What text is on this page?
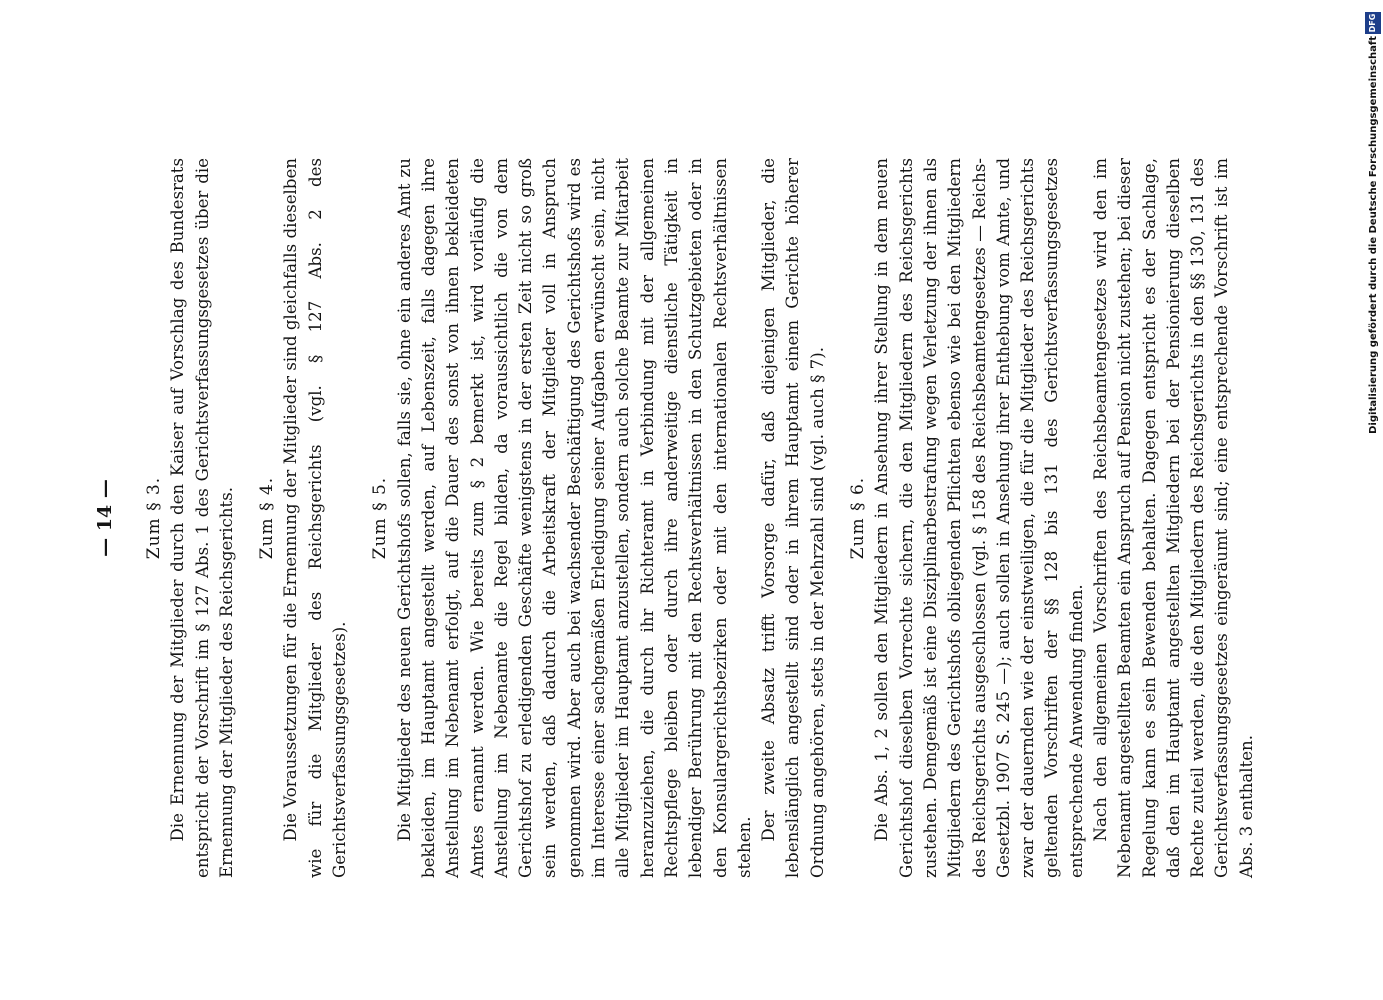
— 14 — Zum § 3. Die Ernennung der Mitglieder durch den Kaiser auf Vorschlag des Bundesrats entspricht der Vorschrift im § 127 Abs. 1 des Gerichtsverfassungsgesetzes über die Ernennung der Mitglieder des Reichsgerichts. Zum § 4. Die Voraussetzungen für die Ernennung der Mitglieder sind gleichfalls dieselben wie für die Mitglieder des Reichsgerichts (vgl. § 127 Abs. 2 des Gerichtsverfassungsgesetzes).

Zum § 5. Die Mitglieder des neuen Gerichtshofs sollen, falls sie, ohne ein anderes Amt zu bekleiden, im Hauptamt angestellt werden, auf Lebenszeit, falls dagegen ihre Anstellung im Nebenamt erfolgt, auf die Dauer des sonst von ihnen bekleideten Amtes ernannt werden. Wie bereits zum § 2 bemerkt ist, wird vorläufig die Anstellung im Nebenamte die Regel bilden, da voraussichtlich die von dem Gerichtshof zu erledigenden Geschäfte wenigstens in der ersten Zeit nicht so groß sein werden, daß dadurch die Arbeitskraft der Mitglieder voll in Anspruch genommen wird. Aber auch bei wachsender Beschäftigung des Gerichtshofs wird es im Interesse einer sachgemäßen Erledigung seiner Aufgaben erwünscht sein, nicht alle Mitglieder im Hauptamt anzustellen, sondern auch solche Beamte zur Mitarbeit heranzuziehen, die durch ihr Richteramt in Verbindung mit der allgemeinen Rechtspflege bleiben oder durch ihre anderweitige dienstliche Tätigkeit in lebendiger Berührung mit den Rechtsverhältnissen in den Schutzgebieten oder in den Konsulargerichtsbezirken oder mit den internationalen Rechtsverhältnissen stehen.

Der zweite Absatz trifft Vorsorge dafür, daß diejenigen Mitglieder, die lebenslänglich angestellt sind oder in ihrem Hauptamt einem Gerichte höherer Ordnung angehören, stets in der Mehrzahl sind (vgl. auch § 7). Zum § 6. Die Abs. 1, 2 sollen den Mitgliedern in Ansehung ihrer Stellung in dem neuen Gerichtshof dieselben Vorrechte sichern, die den Mitgliedern des Reichsgerichts zustehen. Demgemäß ist eine Disziplinarbestrafung wegen Verletzung der ihnen als Mitgliedern des Gerichtshofs obliegenden Pflichten ebenso wie bei den Mitgliedern des Reichsgerichts ausgeschlossen (vgl. § 158 des Reichsbeamtengesetzes — Reichs-Gesetzbl. 1907 S. 245 —); auch sollen in Ansehung ihrer Enthebung vom Amte, und zwar der dauernden wie der einstweiligen, die für die Mitglieder des Reichsgerichts geltenden Vorschriften der §§ 128 bis 131 des Gerichtsverfassungsgesetzes entsprechende Anwendung finden. Nach den allgemeinen Vorschriften des Reichsbeamtengesetzes wird den im Nebenamt angestellten Beamten ein Anspruch auf Pension nicht zustehen; bei dieser Regelung kann es sein Bewenden behalten. Dagegen entspricht es der Sachlage, daß den im Hauptamt angestellten Mitgliedern bei der Pensionierung dieselben Rechte zuteil werden, die den Mitgliedern des Reichsgerichts in den §§ 130, 131 des Gerichtsverfassungsgesetzes eingeräumt sind; eine entsprechende Vorschrift ist im Abs. 3 enthalten.

Digitalisierung gefördert durch die Deutsche Forschungsgemeinschaft
DFG
